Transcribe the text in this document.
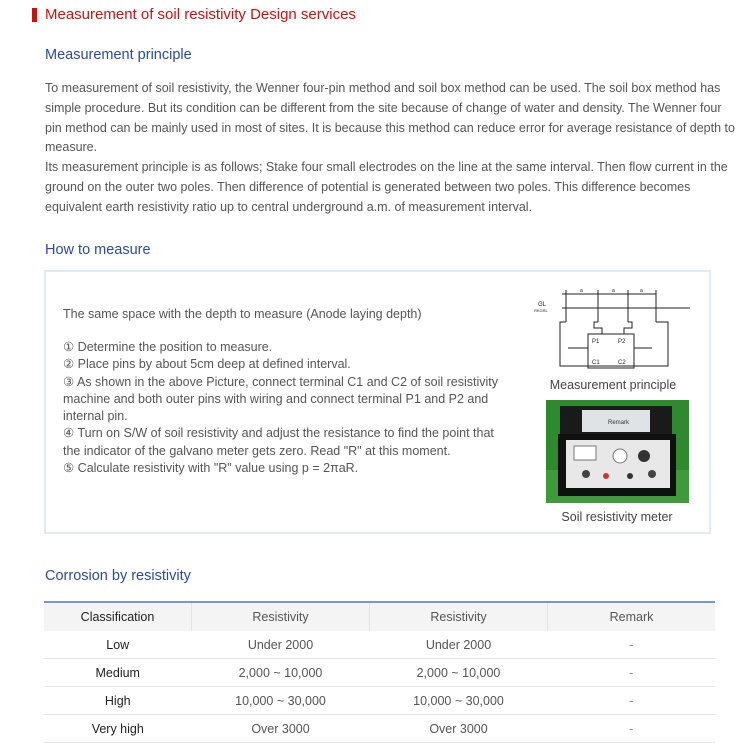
Measurement of soil resistivity Design services
Measurement principle

To measurement of soil resistivity, the Wenner four-pin method and soil box method can be used. The soil box method has simple procedure. But its condition can be different from the site because of change of water and density. The Wenner four pin method can be mainly used in most of sites. It is because this method can reduce error for average resistance of depth to measure.

Its measurement principle is as follows; Stake four small electrodes on the line at the same interval. Then flow current in the ground on the outer two poles. Then difference of potential is generated between two poles. This difference becomes equivalent earth resistivity ratio up to central underground a.m. of measurement interval.

How to measure
The same space with the depth to measure (Anode laying depth)
① Determine the position to measure.
② Place pins by about 5cm deep at defined interval.
③ As shown in the above Picture, connect terminal C1 and C2 of soil resistivity machine and both outer pins with wiring and connect terminal P1 and P2 and internal pin.
④ Turn on S/W of soil resistivity and adjust the resistance to find the point that the indicator of the galvano meter gets zero. Read "R" at this moment.
⑤ Calculate resistivity with "R" value using p = 2πaR.
GL
RKGRL
a	a	a
P1	P2
C1	C2
Measurement principle
Remark
Soil resistivity meter
Corrosion by resistivity
Classification	Resistivity	Resistivity	Remark
Low	Under 2000	Under 2000	-
Medium	2,000 ~ 10,000	2,000 ~ 10,000	-
High	10,000 ~ 30,000	10,000 ~ 30,000	-
Very high	Over 3000	Over 3000	-
